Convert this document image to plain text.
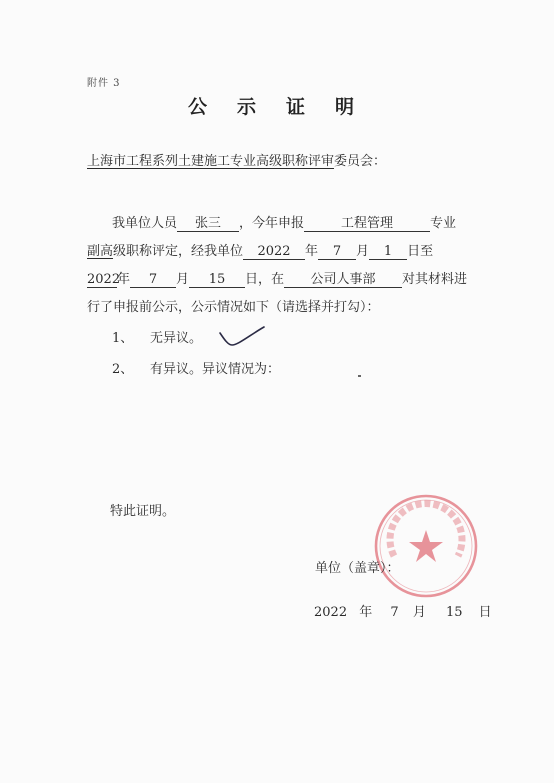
附件 3
公示证明
上海市工程系列土建施工专业高级职称评审委员会：
我单位人员 张三 ，今年申报	工程管理	专业
副高级职称评定，经我单位 2022 年 7 月 1 日至
2022年 7 月 15 日，在 公司人事部 对其材料进
行了申报前公示，公示情况如下（请选择并打勾）：
1、 无异议。
2、 有异议。异议情况为：
特此证明。
单位（盖章）：
2022 年 7 月 15 日
